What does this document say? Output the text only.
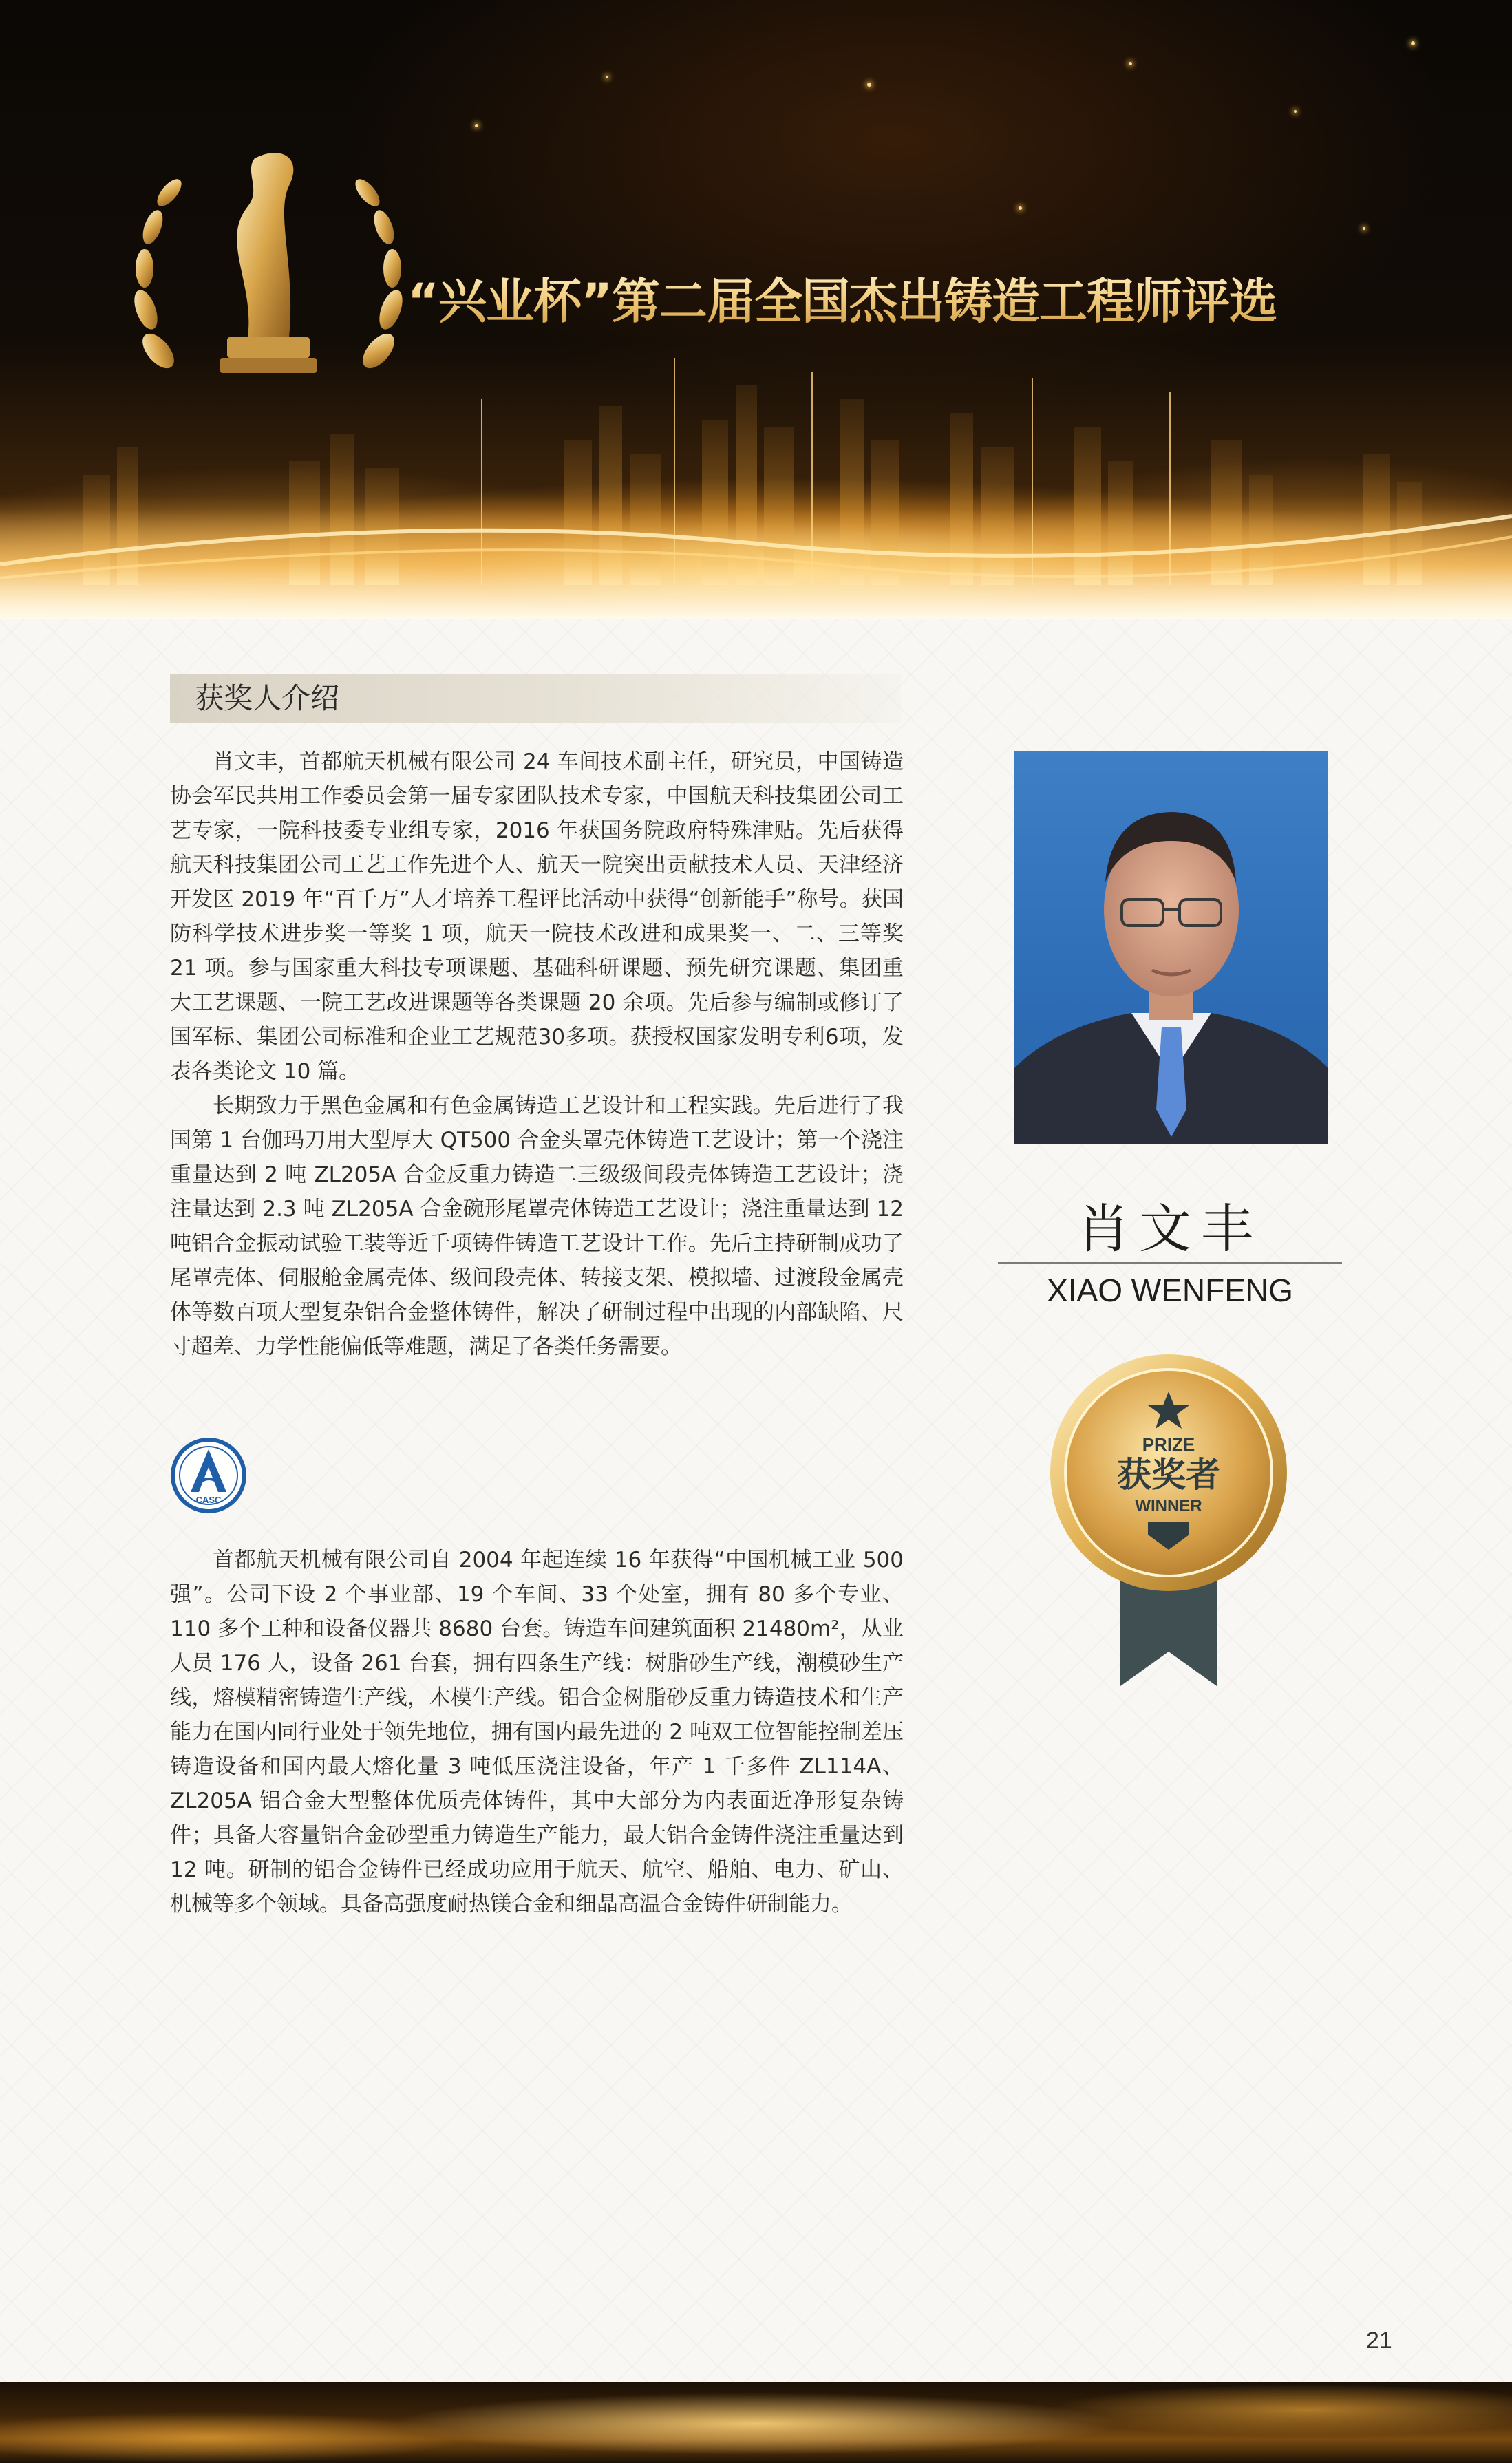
“兴业杯”第二届全国杰出铸造工程师评选
获奖人介绍

肖文丰，首都航天机械有限公司 24 车间技术副主任，研究员，中国铸造协会军民共用工作委员会第一届专家团队技术专家，中国航天科技集团公司工艺专家，一院科技委专业组专家，2016 年获国务院政府特殊津贴。先后获得航天科技集团公司工艺工作先进个人、航天一院突出贡献技术人员、天津经济开发区 2019 年“百千万”人才培养工程评比活动中获得“创新能手”称号。获国防科学技术进步奖一等奖 1 项，航天一院技术改进和成果奖一、二、三等奖 21 项。参与国家重大科技专项课题、基础科研课题、预先研究课题、集团重大工艺课题、一院工艺改进课题等各类课题 20 余项。先后参与编制或修订了国军标、集团公司标准和企业工艺规范30多项。获授权国家发明专利6项，发表各类论文 10 篇。

长期致力于黑色金属和有色金属铸造工艺设计和工程实践。先后进行了我国第 1 台伽玛刀用大型厚大 QT500 合金头罩壳体铸造工艺设计；第一个浇注重量达到 2 吨 ZL205A 合金反重力铸造二三级级间段壳体铸造工艺设计；浇注量达到 2.3 吨 ZL205A 合金碗形尾罩壳体铸造工艺设计；浇注重量达到 12 吨铝合金振动试验工装等近千项铸件铸造工艺设计工作。先后主持研制成功了尾罩壳体、伺服舱金属壳体、级间段壳体、转接支架、模拟墙、过渡段金属壳体等数百项大型复杂铝合金整体铸件，解决了研制过程中出现的内部缺陷、尺寸超差、力学性能偏低等难题，满足了各类任务需要。

CASC

首都航天机械有限公司自 2004 年起连续 16 年获得“中国机械工业 500 强”。公司下设 2 个事业部、19 个车间、33 个处室，拥有 80 多个专业、110 多个工种和设备仪器共 8680 台套。铸造车间建筑面积 21480m²，从业人员 176 人，设备 261 台套，拥有四条生产线：树脂砂生产线，潮模砂生产线，熔模精密铸造生产线，木模生产线。铝合金树脂砂反重力铸造技术和生产能力在国内同行业处于领先地位，拥有国内最先进的 2 吨双工位智能控制差压铸造设备和国内最大熔化量 3 吨低压浇注设备，年产 1 千多件 ZL114A、ZL205A 铝合金大型整体优质壳体铸件，其中大部分为内表面近净形复杂铸件；具备大容量铝合金砂型重力铸造生产能力，最大铝合金铸件浇注重量达到 12 吨。研制的铝合金铸件已经成功应用于航天、航空、船舶、电力、矿山、机械等多个领域。具备高强度耐热镁合金和细晶高温合金铸件研制能力。

肖文丰
XIAO WENFENG
PRIZE
获奖者
WINNER
21
